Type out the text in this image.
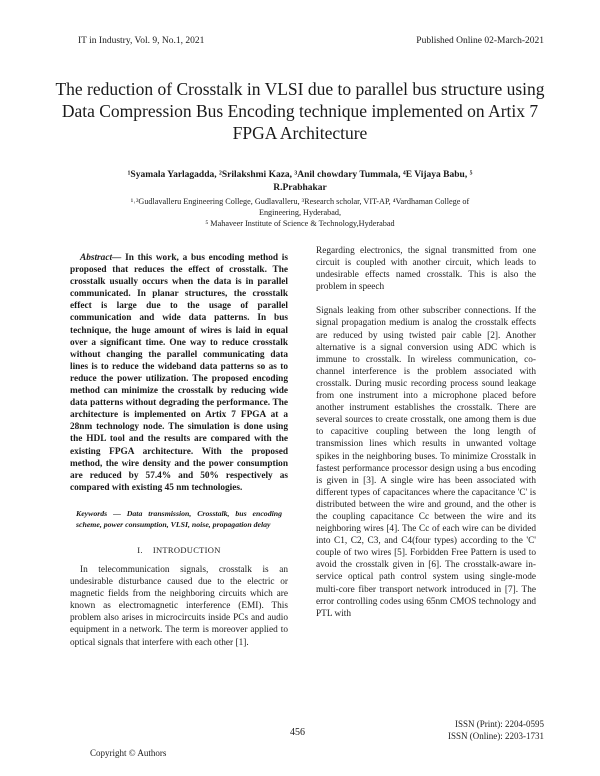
IT in Industry, Vol. 9, No.1, 2021	Published Online 02-March-2021
The reduction of Crosstalk in VLSI due to parallel bus structure using Data Compression Bus Encoding technique implemented on Artix 7 FPGA Architecture
¹Syamala Yarlagadda, ²Srilakshmi Kaza, ³Anil chowdary Tummala, ⁴E Vijaya Babu, ⁵
R.Prabhakar
¹˒²Gudlavalleru Engineering College, Gudlavalleru, ³Research scholar, VIT-AP, ⁴Vardhaman College of
Engineering, Hyderabad,
⁵ Mahaveer Institute of Science & Technology,Hyderabad

Abstract— In this work, a bus encoding method is proposed that reduces the effect of crosstalk. The crosstalk usually occurs when the data is in parallel communicated. In planar structures, the crosstalk effect is large due to the usage of parallel communication and wide data patterns. In bus technique, the huge amount of wires is laid in equal over a significant time. One way to reduce crosstalk without changing the parallel communicating data lines is to reduce the wideband data patterns so as to reduce the power utilization. The proposed encoding method can minimize the crosstalk by reducing wide data patterns without degrading the performance. The architecture is implemented on Artix 7 FPGA at a 28nm technology node. The simulation is done using the HDL tool and the results are compared with the existing FPGA architecture. With the proposed method, the wire density and the power consumption are reduced by 57.4% and 50% respectively as compared with existing 45 nm technologies.

Keywords — Data transmission, Crosstalk, bus encoding scheme, power consumption, VLSI, noise, propagation delay

I. INTRODUCTION

In telecommunication signals, crosstalk is an undesirable disturbance caused due to the electric or magnetic fields from the neighboring circuits which are known as electromagnetic interference (EMI). This problem also arises in microcircuits inside PCs and audio equipment in a network. The term is moreover applied to optical signals that interfere with each other [1].

Regarding electronics, the signal transmitted from one circuit is coupled with another circuit, which leads to undesirable effects named crosstalk. This is also the problem in speech

Signals leaking from other subscriber connections. If the signal propagation medium is analog the crosstalk effects are reduced by using twisted pair cable [2]. Another alternative is a signal conversion using ADC which is immune to crosstalk. In wireless communication, co-channel interference is the problem associated with crosstalk. During music recording process sound leakage from one instrument into a microphone placed before another instrument establishes the crosstalk. There are several sources to create crosstalk, one among them is due to capacitive coupling between the long length of transmission lines which results in unwanted voltage spikes in the neighboring buses. To minimize Crosstalk in fastest performance processor design using a bus encoding is given in [3]. A single wire has been associated with different types of capacitances where the capacitance 'C' is distributed between the wire and ground, and the other is the coupling capacitance Cc between the wire and its neighboring wires [4]. The Cc of each wire can be divided into C1, C2, C3, and C4(four types) according to the 'C' couple of two wires [5]. Forbidden Free Pattern is used to avoid the crosstalk given in [6]. The crosstalk-aware in-service optical path control system using single-mode multi-core fiber transport network introduced in [7]. The error controlling codes using 65nm CMOS technology and PTL with

456
ISSN (Print): 2204-0595
ISSN (Online): 2203-1731
Copyright © Authors
